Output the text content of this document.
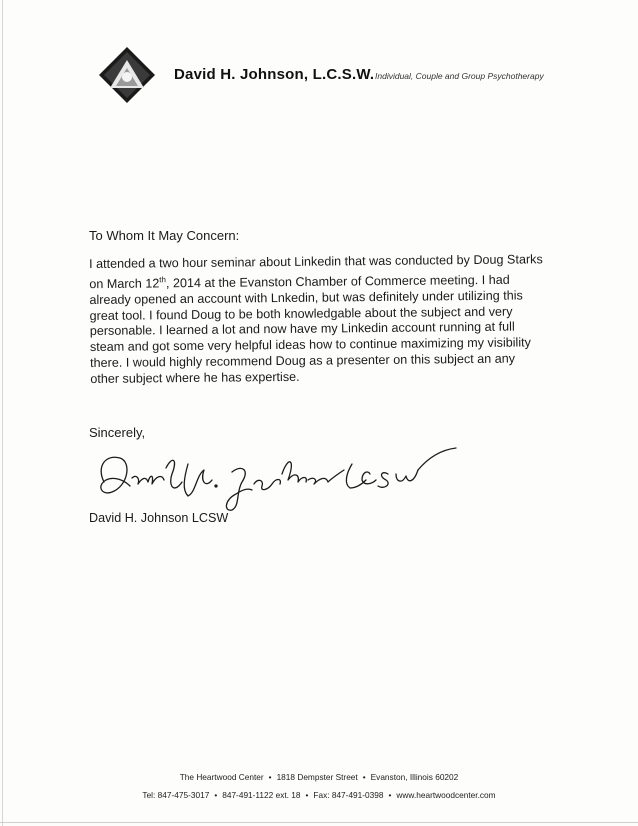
David H. Johnson, L.C.S.W. Individual, Couple and Group Psychotherapy
To Whom It May Concern:
I attended a two hour seminar about Linkedin that was conducted by Doug Starks on March 12th, 2014 at the Evanston Chamber of Commerce meeting. I had already opened an account with Lnkedin, but was definitely under utilizing this great tool. I found Doug to be both knowledgable about the subject and very personable. I learned a lot and now have my Linkedin account running at full steam and got some very helpful ideas how to continue maximizing my visibility there. I would highly recommend Doug as a presenter on this subject an any other subject where he has expertise.
Sincerely,
David H. Johnson LCSW
The Heartwood Center • 1818 Dempster Street • Evanston, Illinois 60202
Tel: 847-475-3017 • 847-491-1122 ext. 18 • Fax: 847-491-0398 • www.heartwoodcenter.com
